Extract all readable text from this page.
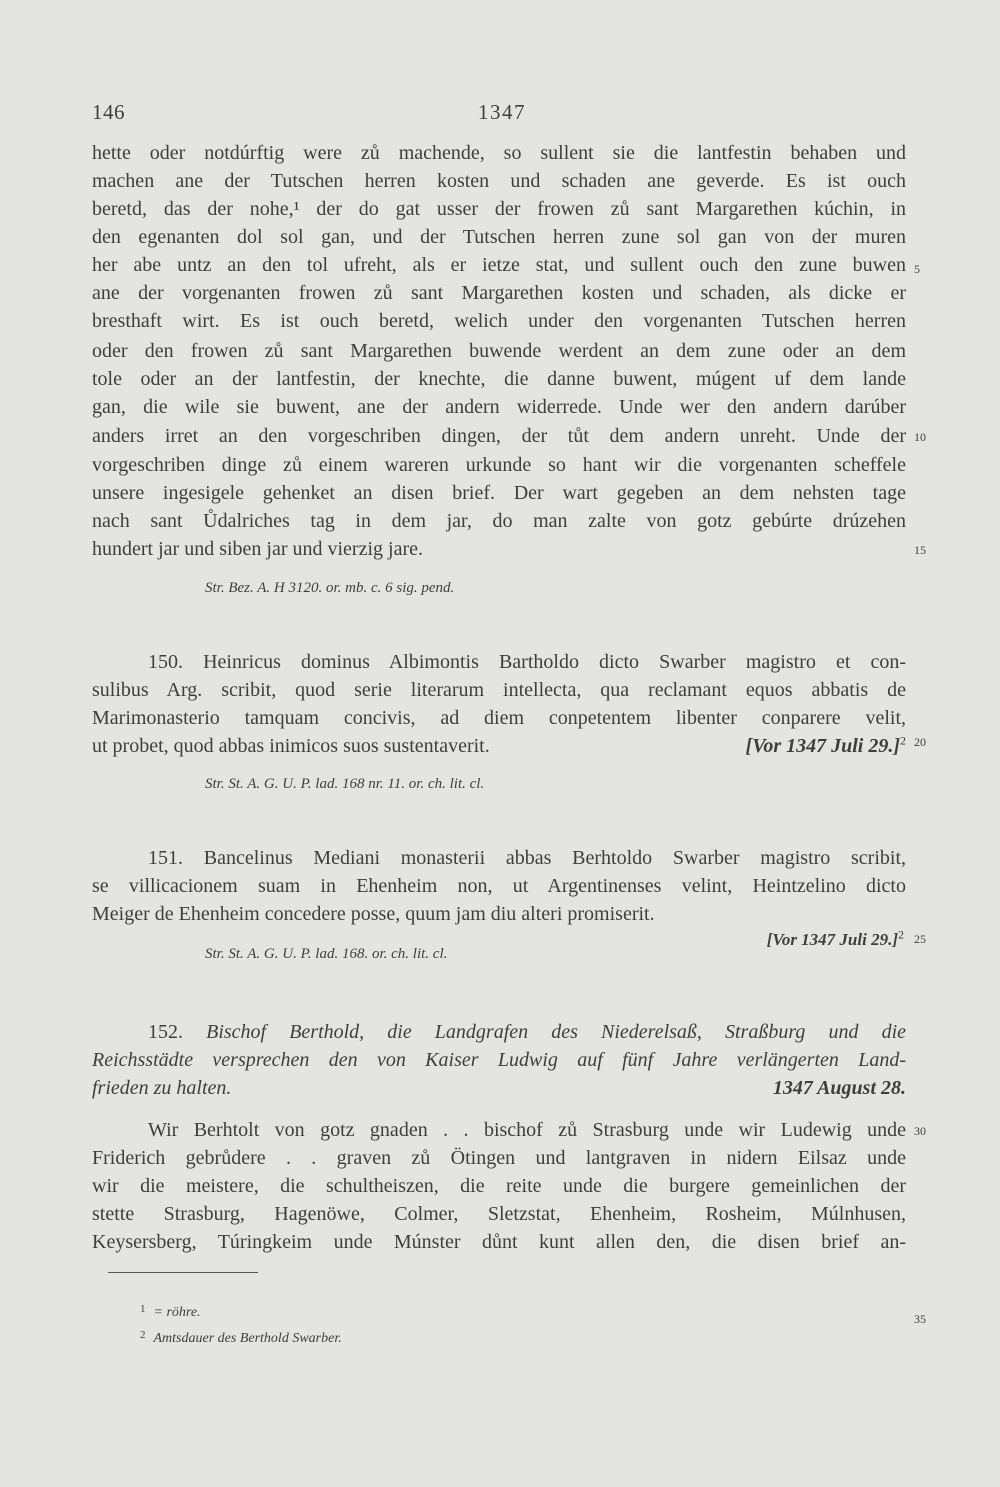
146	1347
hette oder notdúrftig were zů machende, so sullent sie die lantfestin behaben und
machen ane der Tutschen herren kosten und schaden ane geverde. Es ist ouch
beretd, das der nohe,¹ der do gat usser der frowen zů sant Margarethen kúchin, in
den egenanten dol sol gan, und der Tutschen herren zune sol gan von der muren
her abe untz an den tol ufreht, als er ietze stat, und sullent ouch den zune buwen
ane der vorgenanten frowen zů sant Margarethen kosten und schaden, als dicke er
bresthaft wirt. Es ist ouch beretd, welich under den vorgenanten Tutschen herren
oder den frowen zů sant Margarethen buwende werdent an dem zune oder an dem
tole oder an der lantfestin, der knechte, die danne buwent, múgent uf dem lande
gan, die wile sie buwent, ane der andern widerrede. Unde wer den andern darúber
anders irret an den vorgeschriben dingen, der tůt dem andern unreht. Unde der
vorgeschriben dinge zů einem wareren urkunde so hant wir die vorgenanten scheffele
unsere ingesigele gehenket an disen brief. Der wart gegeben an dem nehsten tage
nach sant Ůdalriches tag in dem jar, do man zalte von gotz gebúrte drúzehen
hundert jar und siben jar und vierzig jare.
Str. Bez. A. H 3120. or. mb. c. 6 sig. pend.
150. Heinricus dominus Albimontis Bartholdo dicto Swarber magistro et con-
sulibus Arg. scribit, quod serie literarum intellecta, qua reclamant equos abbatis de
Marimonasterio tamquam concivis, ad diem conpetentem libenter conparere velit,
ut probet, quod abbas inimicos suos sustentaverit.	[Vor 1347 Juli 29.]$^2$
Str. St. A. G. U. P. lad. 168 nr. 11. or. ch. lit. cl.
151. Bancelinus Mediani monasterii abbas Berhtoldo Swarber magistro scribit,
se villicacionem suam in Ehenheim non, ut Argentinenses velint, Heintzelino dicto
Meiger de Ehenheim concedere posse, quum jam diu alteri promiserit.
[Vor 1347 Juli 29.]$^2$
Str. St. A. G. U. P. lad. 168. or. ch. lit. cl.
152. Bischof Berthold, die Landgrafen des Niederelsaß, Straßburg und die
Reichsstädte versprechen den von Kaiser Ludwig auf fünf Jahre verlängerten Land-
frieden zu halten.	1347 August 28.
Wir Berhtolt von gotz gnaden . . bischof zů Strasburg unde wir Ludewig unde
Friderich gebrůdere . . graven zů Ötingen und lantgraven in nidern Eilsaz unde
wir die meistere, die schultheiszen, die reite unde die burgere gemeinlichen der
stette Strasburg, Hagenöwe, Colmer, Sletzstat, Ehenheim, Rosheim, Múlnhusen,
Keysersberg, Túringkeim unde Múnster důnt kunt allen den, die disen brief an-
5
10
15
20
25
30
35
$^1$ = röhre.
$^2$ Amtsdauer des Berthold Swarber.
